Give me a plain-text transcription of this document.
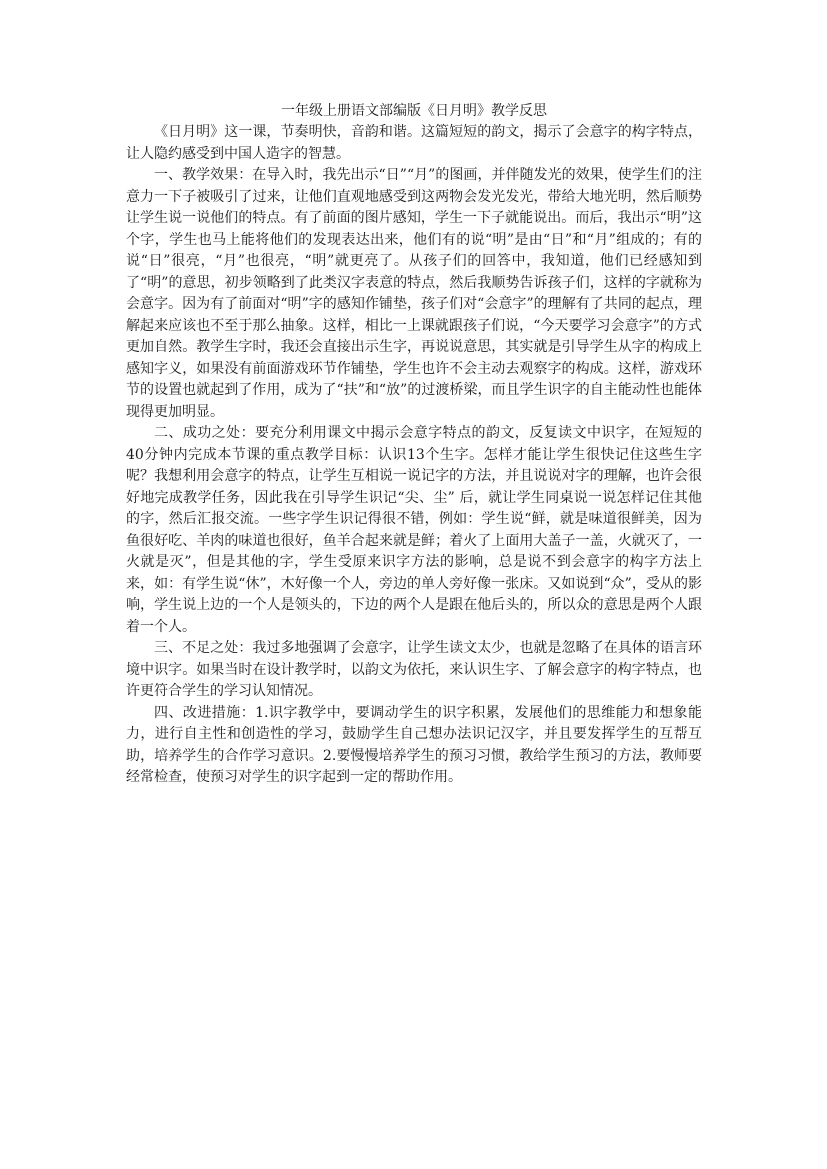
一年级上册语文部编版《日月明》教学反思

《日月明》这一课，节奏明快，音韵和谐。这篇短短的韵文，揭示了会意字的构字特点，让人隐约感受到中国人造字的智慧。

一、教学效果：在导入时，我先出示“日”“月”的图画，并伴随发光的效果，使学生们的注意力一下子被吸引了过来，让他们直观地感受到这两物会发光发光，带给大地光明，然后顺势让学生说一说他们的特点。有了前面的图片感知，学生一下子就能说出。而后，我出示“明”这个字，学生也马上能将他们的发现表达出来，他们有的说“明”是由“日”和“月”组成的；有的说“日”很亮，“月”也很亮，“明”就更亮了。从孩子们的回答中，我知道，他们已经感知到了“明”的意思，初步领略到了此类汉字表意的特点，然后我顺势告诉孩子们，这样的字就称为会意字。因为有了前面对“明”字的感知作铺垫，孩子们对“会意字”的理解有了共同的起点，理解起来应该也不至于那么抽象。这样，相比一上课就跟孩子们说，“今天要学习会意字”的方式更加自然。教学生字时，我还会直接出示生字，再说说意思，其实就是引导学生从字的构成上感知字义，如果没有前面游戏环节作铺垫，学生也许不会主动去观察字的构成。这样，游戏环节的设置也就起到了作用，成为了“扶”和“放”的过渡桥梁，而且学生识字的自主能动性也能体现得更加明显。

二、成功之处：要充分利用课文中揭示会意字特点的韵文，反复读文中识字，在短短的40分钟内完成本节课的重点教学目标：认识13个生字。怎样才能让学生很快记住这些生字呢？我想利用会意字的特点，让学生互相说一说记字的方法，并且说说对字的理解，也许会很好地完成教学任务，因此我在引导学生识记“尖、尘” 后，就让学生同桌说一说怎样记住其他的字，然后汇报交流。一些字学生识记得很不错，例如：学生说“鲜，就是味道很鲜美，因为鱼很好吃、羊肉的味道也很好，鱼羊合起来就是鲜；着火了上面用大盖子一盖，火就灭了，一火就是灭”，但是其他的字，学生受原来识字方法的影响，总是说不到会意字的构字方法上来，如：有学生说“休”，木好像一个人，旁边的单人旁好像一张床。又如说到“众”，受从的影响，学生说上边的一个人是领头的，下边的两个人是跟在他后头的，所以众的意思是两个人跟着一个人。

三、不足之处：我过多地强调了会意字，让学生读文太少，也就是忽略了在具体的语言环境中识字。如果当时在设计教学时，以韵文为依托，来认识生字、了解会意字的构字特点，也许更符合学生的学习认知情况。

四、改进措施：1.识字教学中，要调动学生的识字积累，发展他们的思维能力和想象能力，进行自主性和创造性的学习，鼓励学生自己想办法识记汉字，并且要发挥学生的互帮互助，培养学生的合作学习意识。2.要慢慢培养学生的预习习惯，教给学生预习的方法，教师要经常检查，使预习对学生的识字起到一定的帮助作用。
